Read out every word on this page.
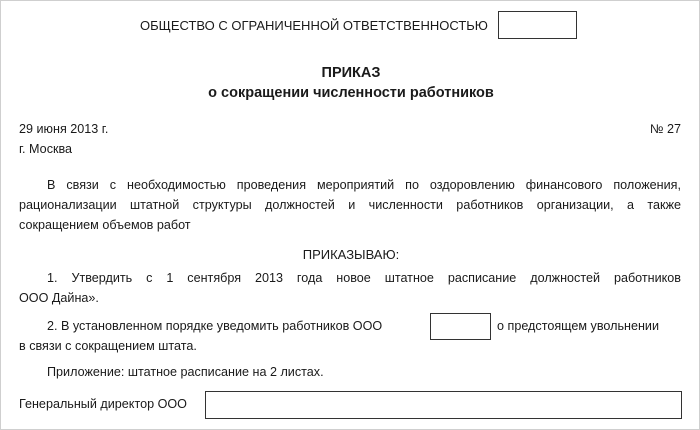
ОБЩЕСТВО С ОГРАНИЧЕННОЙ ОТВЕТСТВЕННОСТЬЮ
ПРИКАЗ
о сокращении численности работников
29 июня 2013 г.	№ 27
г. Москва
В связи с необходимостью проведения мероприятий по оздоровлению финансового положения,
рационализации штатной структуры должностей и численности работников организации, а также
сокращением объемов работ
ПРИКАЗЫВАЮ:
1. Утвердить с 1 сентября 2013 года новое штатное расписание должностей работников
ООО Дайна».
2. В установленном порядке уведомить работников ООО	о предстоящем увольнении
в связи с сокращением штата.
Приложение: штатное расписание на 2 листах.
Генеральный директор ООО
